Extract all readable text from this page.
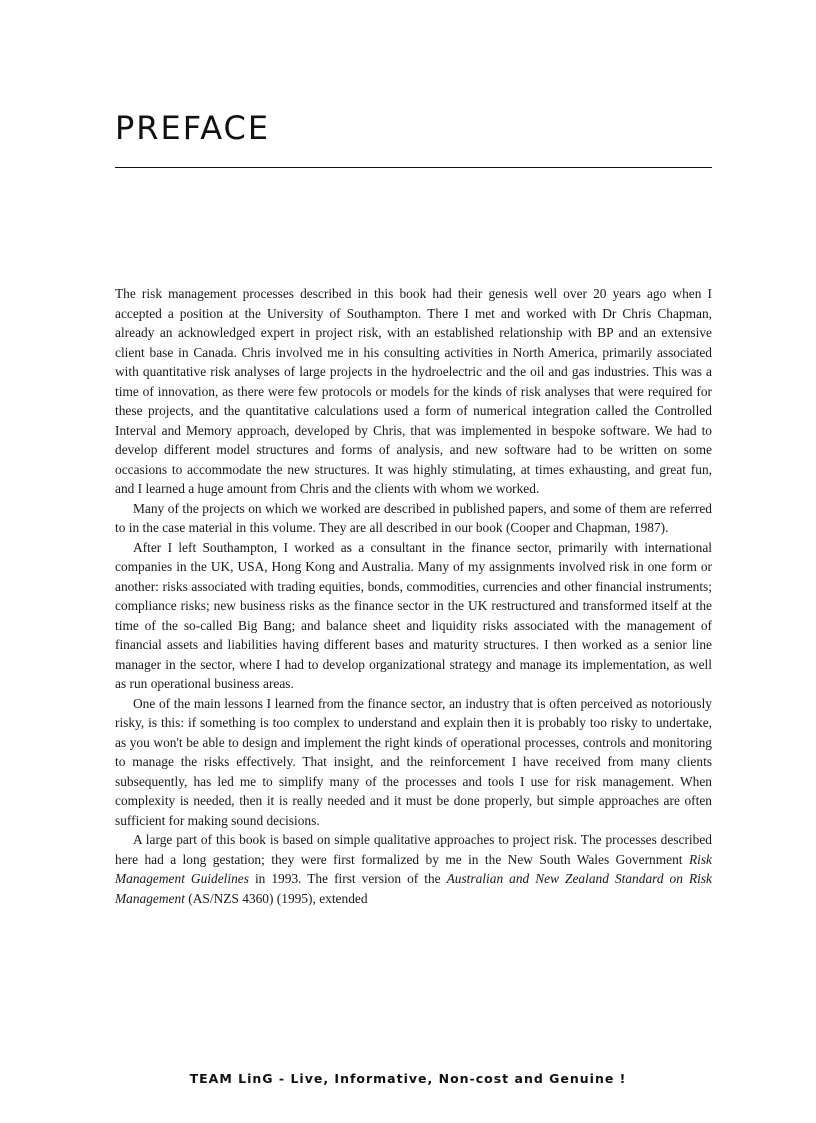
PREFACE

The risk management processes described in this book had their genesis well over 20 years ago when I accepted a position at the University of Southampton. There I met and worked with Dr Chris Chapman, already an acknowledged expert in project risk, with an established relationship with BP and an extensive client base in Canada. Chris involved me in his consulting activities in North America, primarily associated with quantitative risk analyses of large projects in the hydroelectric and the oil and gas industries. This was a time of innovation, as there were few protocols or models for the kinds of risk analyses that were required for these projects, and the quantitative calculations used a form of numerical integration called the Controlled Interval and Memory approach, developed by Chris, that was implemented in bespoke software. We had to develop different model structures and forms of analysis, and new software had to be written on some occasions to accommodate the new structures. It was highly stimulating, at times exhausting, and great fun, and I learned a huge amount from Chris and the clients with whom we worked.

Many of the projects on which we worked are described in published papers, and some of them are referred to in the case material in this volume. They are all described in our book (Cooper and Chapman, 1987).

After I left Southampton, I worked as a consultant in the finance sector, primarily with international companies in the UK, USA, Hong Kong and Australia. Many of my assignments involved risk in one form or another: risks associated with trading equities, bonds, commodities, currencies and other financial instruments; compliance risks; new business risks as the finance sector in the UK restructured and transformed itself at the time of the so-called Big Bang; and balance sheet and liquidity risks associated with the management of financial assets and liabilities having different bases and maturity structures. I then worked as a senior line manager in the sector, where I had to develop organizational strategy and manage its implementation, as well as run operational business areas.

One of the main lessons I learned from the finance sector, an industry that is often perceived as notoriously risky, is this: if something is too complex to understand and explain then it is probably too risky to undertake, as you won't be able to design and implement the right kinds of operational processes, controls and monitoring to manage the risks effectively. That insight, and the reinforcement I have received from many clients subsequently, has led me to simplify many of the processes and tools I use for risk management. When complexity is needed, then it is really needed and it must be done properly, but simple approaches are often sufficient for making sound decisions.

A large part of this book is based on simple qualitative approaches to project risk. The processes described here had a long gestation; they were first formalized by me in the New South Wales Government Risk Management Guidelines in 1993. The first version of the Australian and New Zealand Standard on Risk Management (AS/NZS 4360) (1995), extended

TEAM LinG - Live, Informative, Non-cost and Genuine !
